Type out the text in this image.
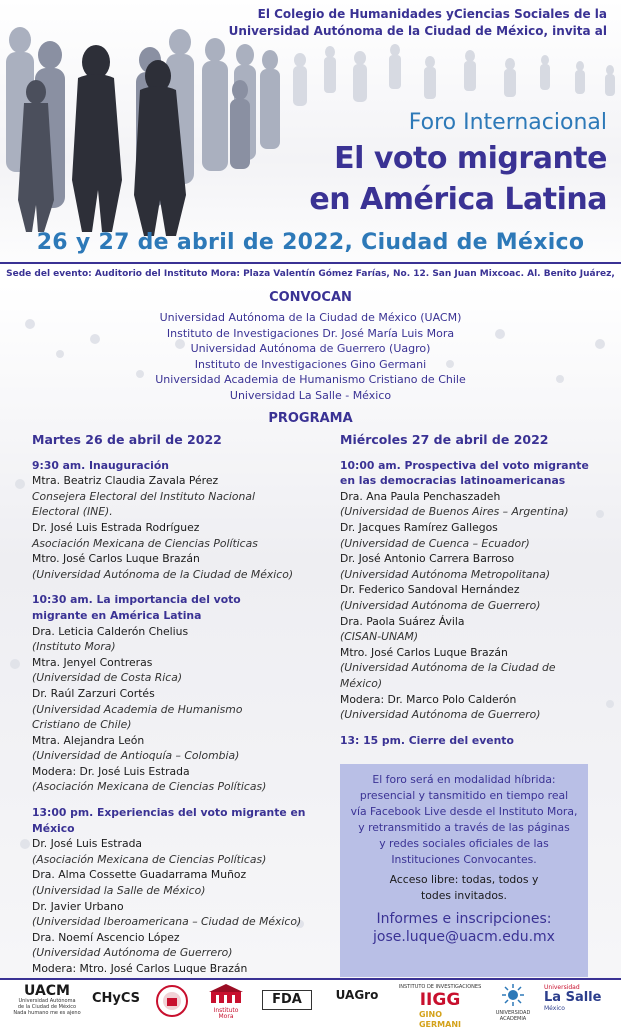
El Colegio de Humanidades yCiencias Sociales de la
Universidad Autónoma de la Ciudad de México, invita al
Foro Internacional
El voto migrante
en América Latina
26 y 27 de abril de 2022, Ciudad de México
Sede del evento: Auditorio del Instituto Mora: Plaza Valentín Gómez Farías, No. 12. San Juan Mixcoac. Al. Benito Juárez,
CONVOCAN
Universidad Autónoma de la Ciudad de México (UACM)
Instituto de Investigaciones Dr. José María Luis Mora
Universidad Autónoma de Guerrero (Uagro)
Instituto de Investigaciones Gino Germani
Universidad Academia de Humanismo Cristiano de Chile
Universidad La Salle - México
PROGRAMA
Martes 26 de abril de 2022
9:30 am. Inauguración
Mtra. Beatriz Claudia Zavala Pérez
Consejera Electoral del Instituto Nacional
Electoral (INE).
Dr. José Luis Estrada Rodríguez
Asociación Mexicana de Ciencias Políticas
Mtro. José Carlos Luque Brazán
(Universidad Autónoma de la Ciudad de México)
10:30 am. La importancia del voto
migrante en América Latina
Dra. Leticia Calderón Chelius
(Instituto Mora)
Mtra. Jenyel Contreras
(Universidad de Costa Rica)
Dr. Raúl Zarzuri Cortés
(Universidad Academia de Humanismo
Cristiano de Chile)
Mtra. Alejandra León
(Universidad de Antioquía – Colombia)
Modera: Dr. José Luis Estrada
(Asociación Mexicana de Ciencias Políticas)
13:00 pm. Experiencias del voto migrante en
México
Dr. José Luis Estrada
(Asociación Mexicana de Ciencias Políticas)
Dra. Alma Cossette Guadarrama Muñoz
(Universidad la Salle de México)
Dr. Javier Urbano
(Universidad Iberoamericana – Ciudad de México)
Dra. Noemí Ascencio López
(Universidad Autónoma de Guerrero)
Modera: Mtro. José Carlos Luque Brazán
Miércoles 27 de abril de 2022
10:00 am. Prospectiva del voto migrante
en las democracias latinoamericanas
Dra. Ana Paula Penchaszadeh
(Universidad de Buenos Aires – Argentina)
Dr. Jacques Ramírez Gallegos
(Universidad de Cuenca – Ecuador)
Dr. José Antonio Carrera Barroso
(Universidad Autónoma Metropolitana)
Dr. Federico Sandoval Hernández
(Universidad Autónoma de Guerrero)
Dra. Paola Suárez Ávila
(CISAN-UNAM)
Mtro. José Carlos Luque Brazán
(Universidad Autónoma de la Ciudad de México)
Modera: Dr. Marco Polo Calderón
(Universidad Autónoma de Guerrero)
13: 15 pm. Cierre del evento
El foro será en modalidad híbrida:
presencial y tansmitido en tiempo real
vía Facebook Live desde el Instituto Mora,
y retransmitido a través de las páginas
y redes sociales oficiales de las
Instituciones Convocantes.
Acceso libre: todas, todos y
todes invitados.
Informes e inscripciones:
jose.luque@uacm.edu.mx
UACM
Universidad Autónoma
de la Ciudad de México
Nada humano me es ajeno
CHyCS
Instituto
Mora
FDA	UAGro
INSTITUTO DE INVESTIGACIONES
IIGG
GINO
GERMANI
UNIVERSIDAD
ACADEMIA
Universidad
La Salle
México
